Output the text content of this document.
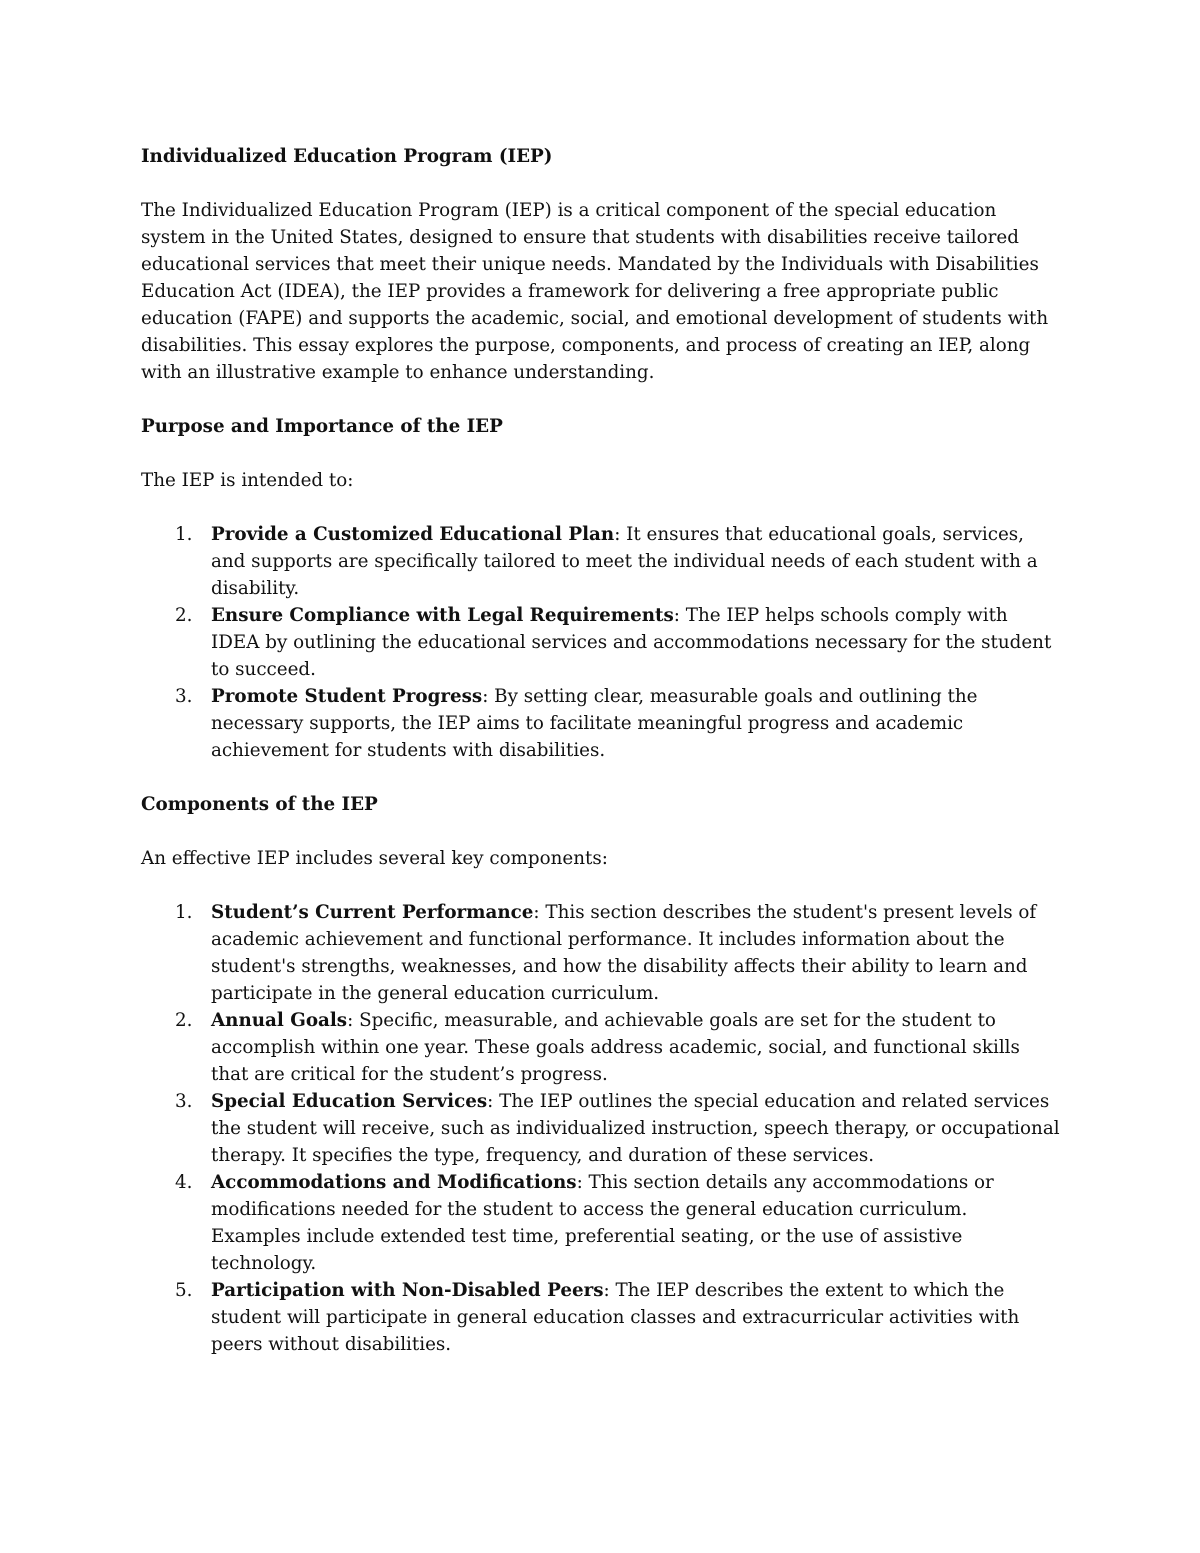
Individualized Education Program (IEP)

The Individualized Education Program (IEP) is a critical component of the special education system in the United States, designed to ensure that students with disabilities receive tailored educational services that meet their unique needs. Mandated by the Individuals with Disabilities Education Act (IDEA), the IEP provides a framework for delivering a free appropriate public education (FAPE) and supports the academic, social, and emotional development of students with disabilities. This essay explores the purpose, components, and process of creating an IEP, along with an illustrative example to enhance understanding.

Purpose and Importance of the IEP

The IEP is intended to:

1. Provide a Customized Educational Plan: It ensures that educational goals, services, and supports are specifically tailored to meet the individual needs of each student with a disability.
2. Ensure Compliance with Legal Requirements: The IEP helps schools comply with IDEA by outlining the educational services and accommodations necessary for the student to succeed.
3. Promote Student Progress: By setting clear, measurable goals and outlining the necessary supports, the IEP aims to facilitate meaningful progress and academic achievement for students with disabilities.

Components of the IEP

An effective IEP includes several key components:

1. Student’s Current Performance: This section describes the student's present levels of academic achievement and functional performance. It includes information about the student's strengths, weaknesses, and how the disability affects their ability to learn and participate in the general education curriculum.
2. Annual Goals: Specific, measurable, and achievable goals are set for the student to accomplish within one year. These goals address academic, social, and functional skills that are critical for the student’s progress.
3. Special Education Services: The IEP outlines the special education and related services the student will receive, such as individualized instruction, speech therapy, or occupational therapy. It specifies the type, frequency, and duration of these services.
4. Accommodations and Modifications: This section details any accommodations or modifications needed for the student to access the general education curriculum. Examples include extended test time, preferential seating, or the use of assistive technology.
5. Participation with Non-Disabled Peers: The IEP describes the extent to which the student will participate in general education classes and extracurricular activities with peers without disabilities.
